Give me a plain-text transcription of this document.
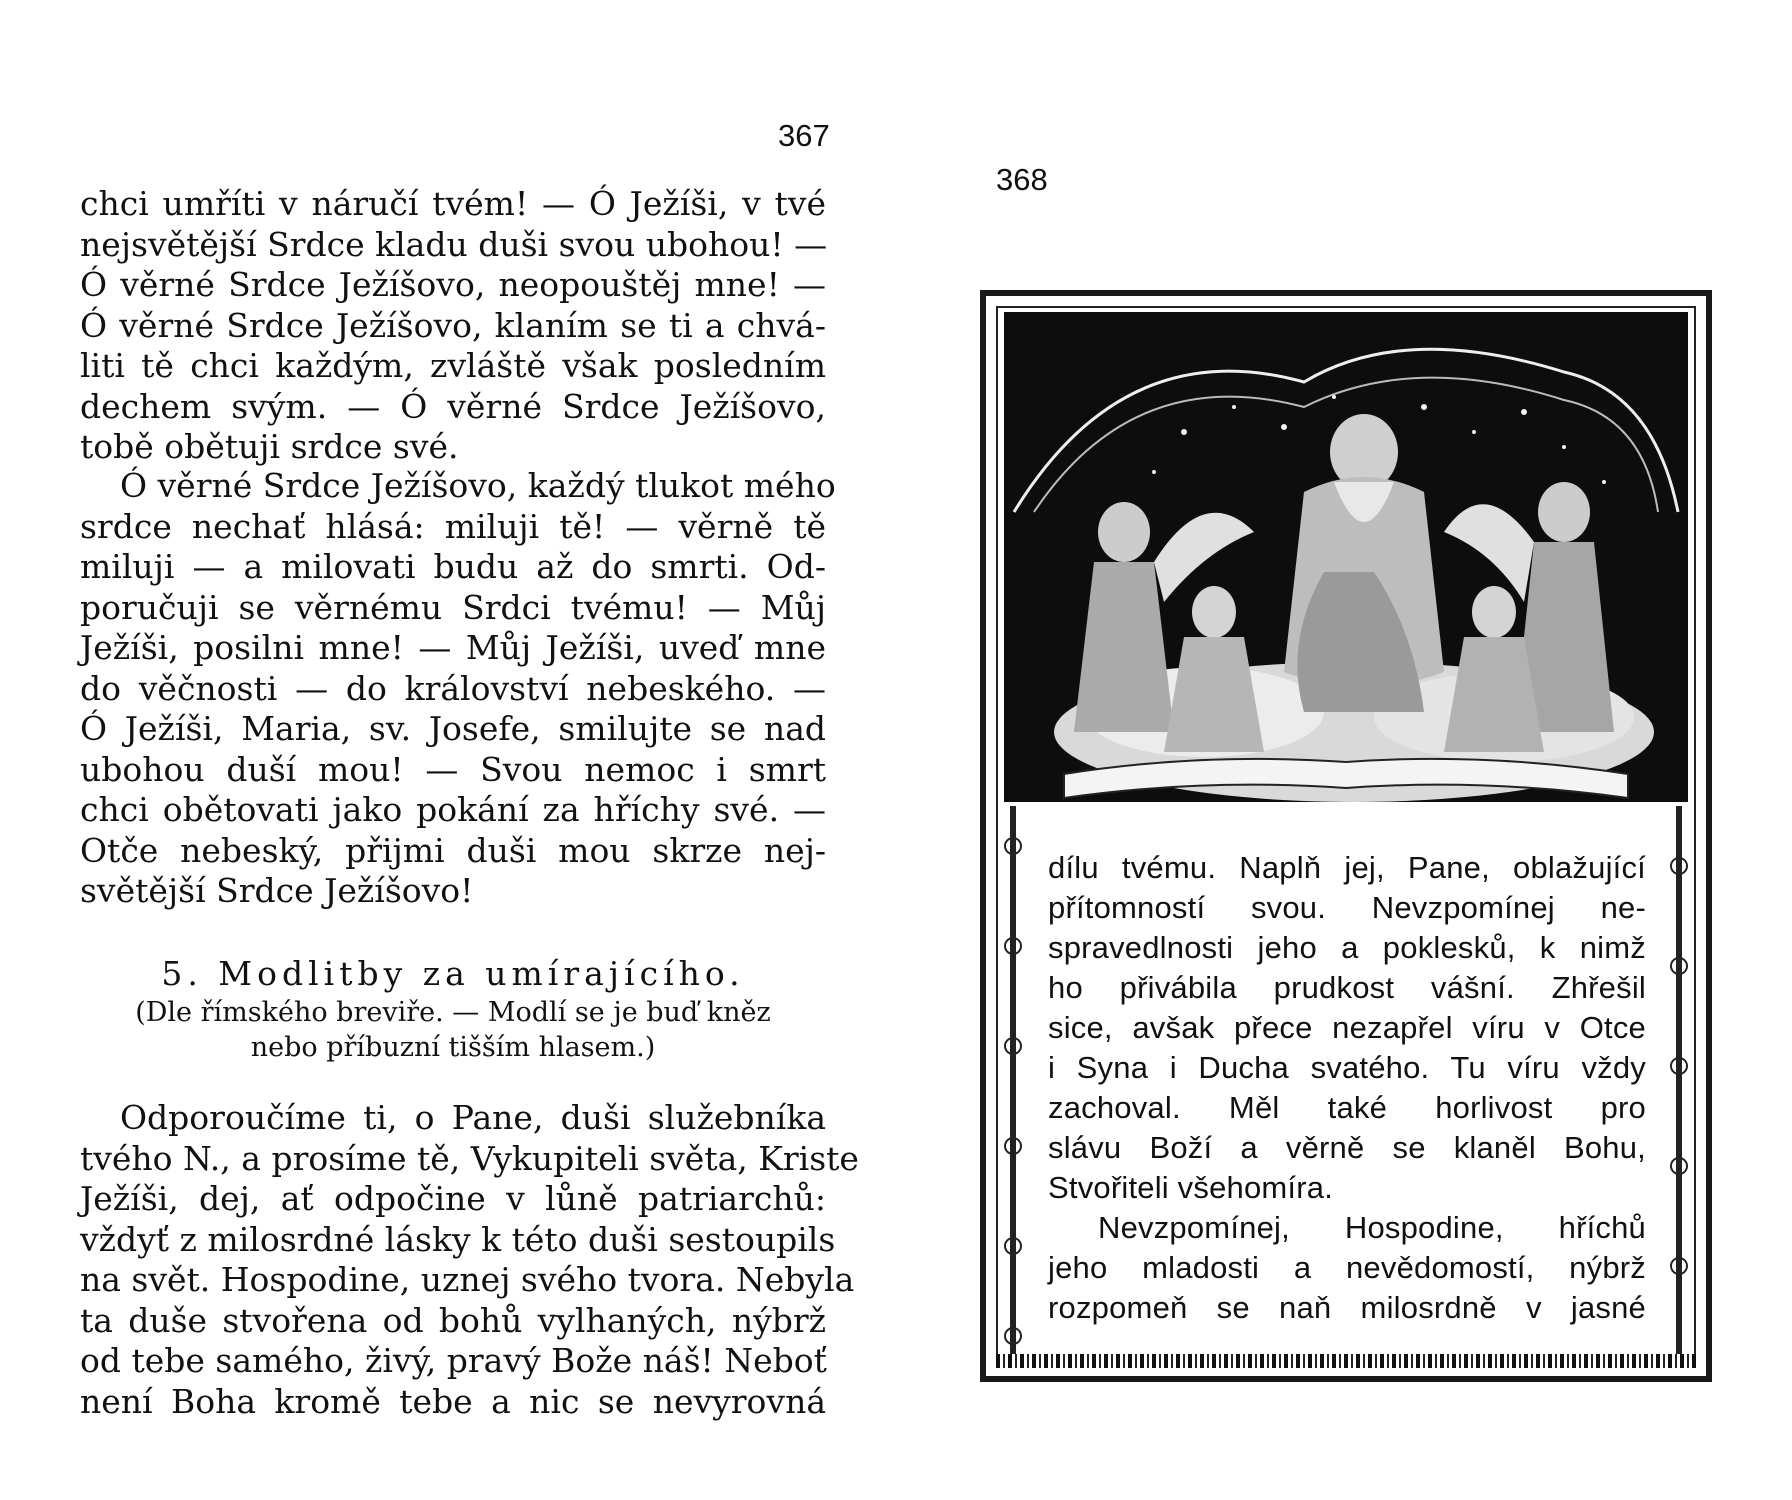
367
chci umříti v náručí tvém! — Ó Ježíši, v tvé
nejsvětější Srdce kladu duši svou ubohou! —
Ó věrné Srdce Ježíšovo, neopouštěj mne! —
Ó věrné Srdce Ježíšovo, klaním se ti a chvá-
liti tě chci každým, zvláště však posledním
dechem svým. — Ó věrné Srdce Ježíšovo,
tobě obětuji srdce své.
Ó věrné Srdce Ježíšovo, každý tlukot mého
srdce nechať hlásá: miluji tě! — věrně tě
miluji — a milovati budu až do smrti. Od-
poručuji se věrnému Srdci tvému! — Můj
Ježíši, posilni mne! — Můj Ježíši, uveď mne
do věčnosti — do království nebeského. —
Ó Ježíši, Maria, sv. Josefe, smilujte se nad
ubohou duší mou! — Svou nemoc i smrt
chci obětovati jako pokání za hříchy své. —
Otče nebeský, přijmi duši mou skrze nej-
světější Srdce Ježíšovo!
5. Modlitby za umírajícího.
(Dle římského breviře. — Modlí se je buď kněz
nebo příbuzní tišším hlasem.)
Odporoučíme ti, o Pane, duši služebníka
tvého N., a prosíme tě, Vykupiteli světa, Kriste
Ježíši, dej, ať odpočine v lůně patriarchů:
vždyť z milosrdné lásky k této duši sestoupils
na svět. Hospodine, uznej svého tvora. Nebyla
ta duše stvořena od bohů vylhaných, nýbrž
od tebe samého, živý, pravý Bože náš! Neboť
není Boha kromě tebe a nic se nevyrovná
368
dílu tvému. Naplň jej, Pane, oblažující
přítomností svou. Nevzpomínej ne-
spravedlnosti jeho a poklesků, k nimž
ho přivábila prudkost vášní. Zhřešil
sice, avšak přece nezapřel víru v Otce
i Syna i Ducha svatého. Tu víru vždy
zachoval. Měl také horlivost pro
slávu Boží a věrně se klaněl Bohu,
Stvořiteli všehomíra.
Nevzpomínej, Hospodine, hříchů
jeho mladosti a nevědomostí, nýbrž
rozpomeň se naň milosrdně v jasné
